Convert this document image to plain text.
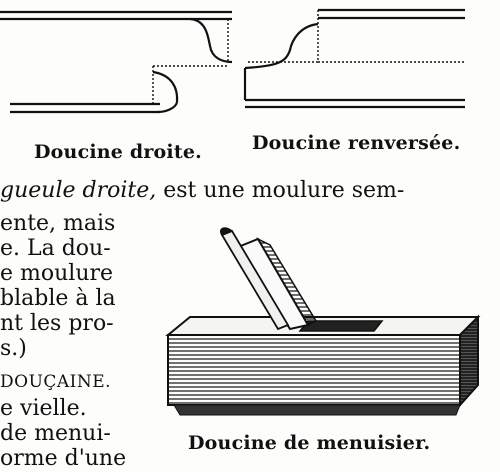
Doucine droite.	Doucine renversée.
gueule droite, est une moulure sem-
ente, mais
e. La dou-
e moulure
blable à la
nt les pro-
s.)
DOUÇAINE.
e vielle.
de menui-
orme d'une
Doucine de menuisier.
